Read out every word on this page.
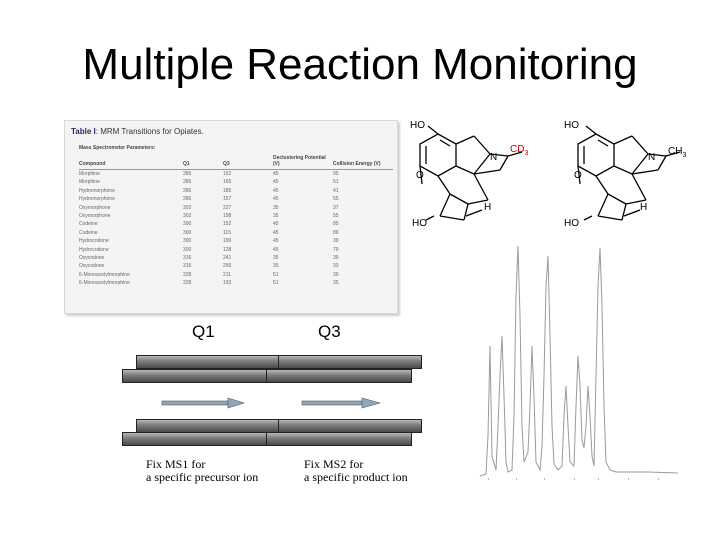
Multiple Reaction Monitoring
Table I: MRM Transitions for Opiates.
Mass Spectrometer Parameters:
Compound	Q1	Q3	Declustering Potential (V)	Collision Energy (V)
Morphine	286	152	45	95
Morphine	286	165	45	51
Hydromorphone	286	185	45	41
Hydromorphone	286	157	45	55
Oxymorphone	302	227	35	37
Oxymorphone	302	198	35	55
Codeine	300	152	45	85
Codeine	300	115	45	89
Hydrocodone	300	199	45	39
Hydrocodone	300	128	45	79
Oxycodone	316	241	35	39
Oxycodone	316	256	35	33
6-Monoacetylmorphine	328	211	51	39
6-Monoacetylmorphine	328	193	51	35
Q1	Q3
Fix MS1 for
a specific precursor ion
Fix MS2 for
a specific product ion
HO
O
N
H
HO
$CD_3$
HO
O
N
H
HO
$CH_3$
